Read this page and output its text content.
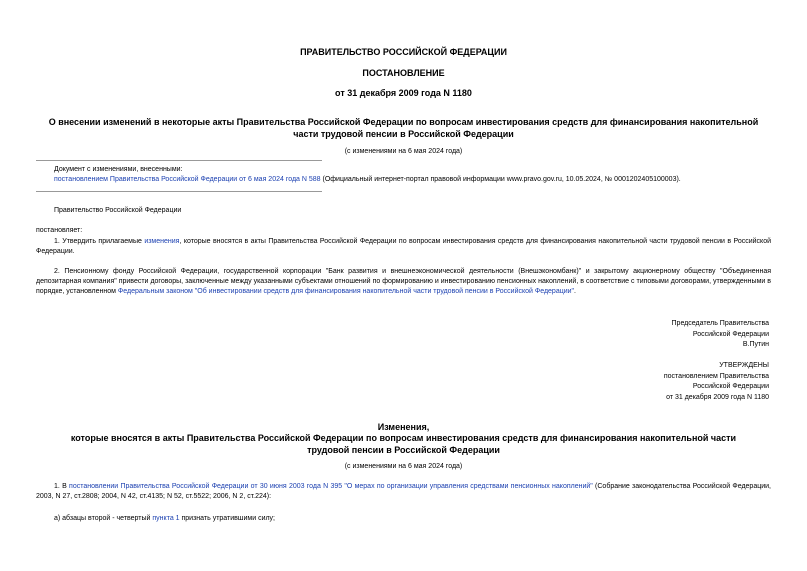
ПРАВИТЕЛЬСТВО РОССИЙСКОЙ ФЕДЕРАЦИИ
ПОСТАНОВЛЕНИЕ
от 31 декабря 2009 года N 1180
О внесении изменений в некоторые акты Правительства Российской Федерации по вопросам инвестирования средств для финансирования накопительной части трудовой пенсии в Российской Федерации
(с изменениями на 6 мая 2024 года)
Документ с изменениями, внесенными:
постановлением Правительства Российской Федерации от 6 мая 2024 года N 588 (Официальный интернет-портал правовой информации www.pravo.gov.ru, 10.05.2024, № 0001202405100003).
Правительство Российской Федерации
постановляет:
1. Утвердить прилагаемые изменения, которые вносятся в акты Правительства Российской Федерации по вопросам инвестирования средств для финансирования накопительной части трудовой пенсии в Российской Федерации.
2. Пенсионному фонду Российской Федерации, государственной корпорации "Банк развития и внешнеэкономической деятельности (Внешэкономбанк)" и закрытому акционерному обществу "Объединенная депозитарная компания" привести договоры, заключенные между указанными субъектами отношений по формированию и инвестированию пенсионных накоплений, в соответствие с типовыми договорами, утвержденными в порядке, установленном Федеральным законом "Об инвестировании средств для финансирования накопительной части трудовой пенсии в Российской Федерации".
Председатель Правительства
Российской Федерации
В.Путин
УТВЕРЖДЕНЫ
постановлением Правительства
Российской Федерации
от 31 декабря 2009 года N 1180
Изменения,
которые вносятся в акты Правительства Российской Федерации по вопросам инвестирования средств для финансирования накопительной части трудовой пенсии в Российской Федерации
(с изменениями на 6 мая 2024 года)
1. В постановлении Правительства Российской Федерации от 30 июня 2003 года N 395 "О мерах по организации управления средствами пенсионных накоплений" (Собрание законодательства Российской Федерации, 2003, N 27, ст.2808; 2004, N 42, ст.4135; N 52, ст.5522; 2006, N 2, ст.224):
а) абзацы второй - четвертый пункта 1 признать утратившими силу;
